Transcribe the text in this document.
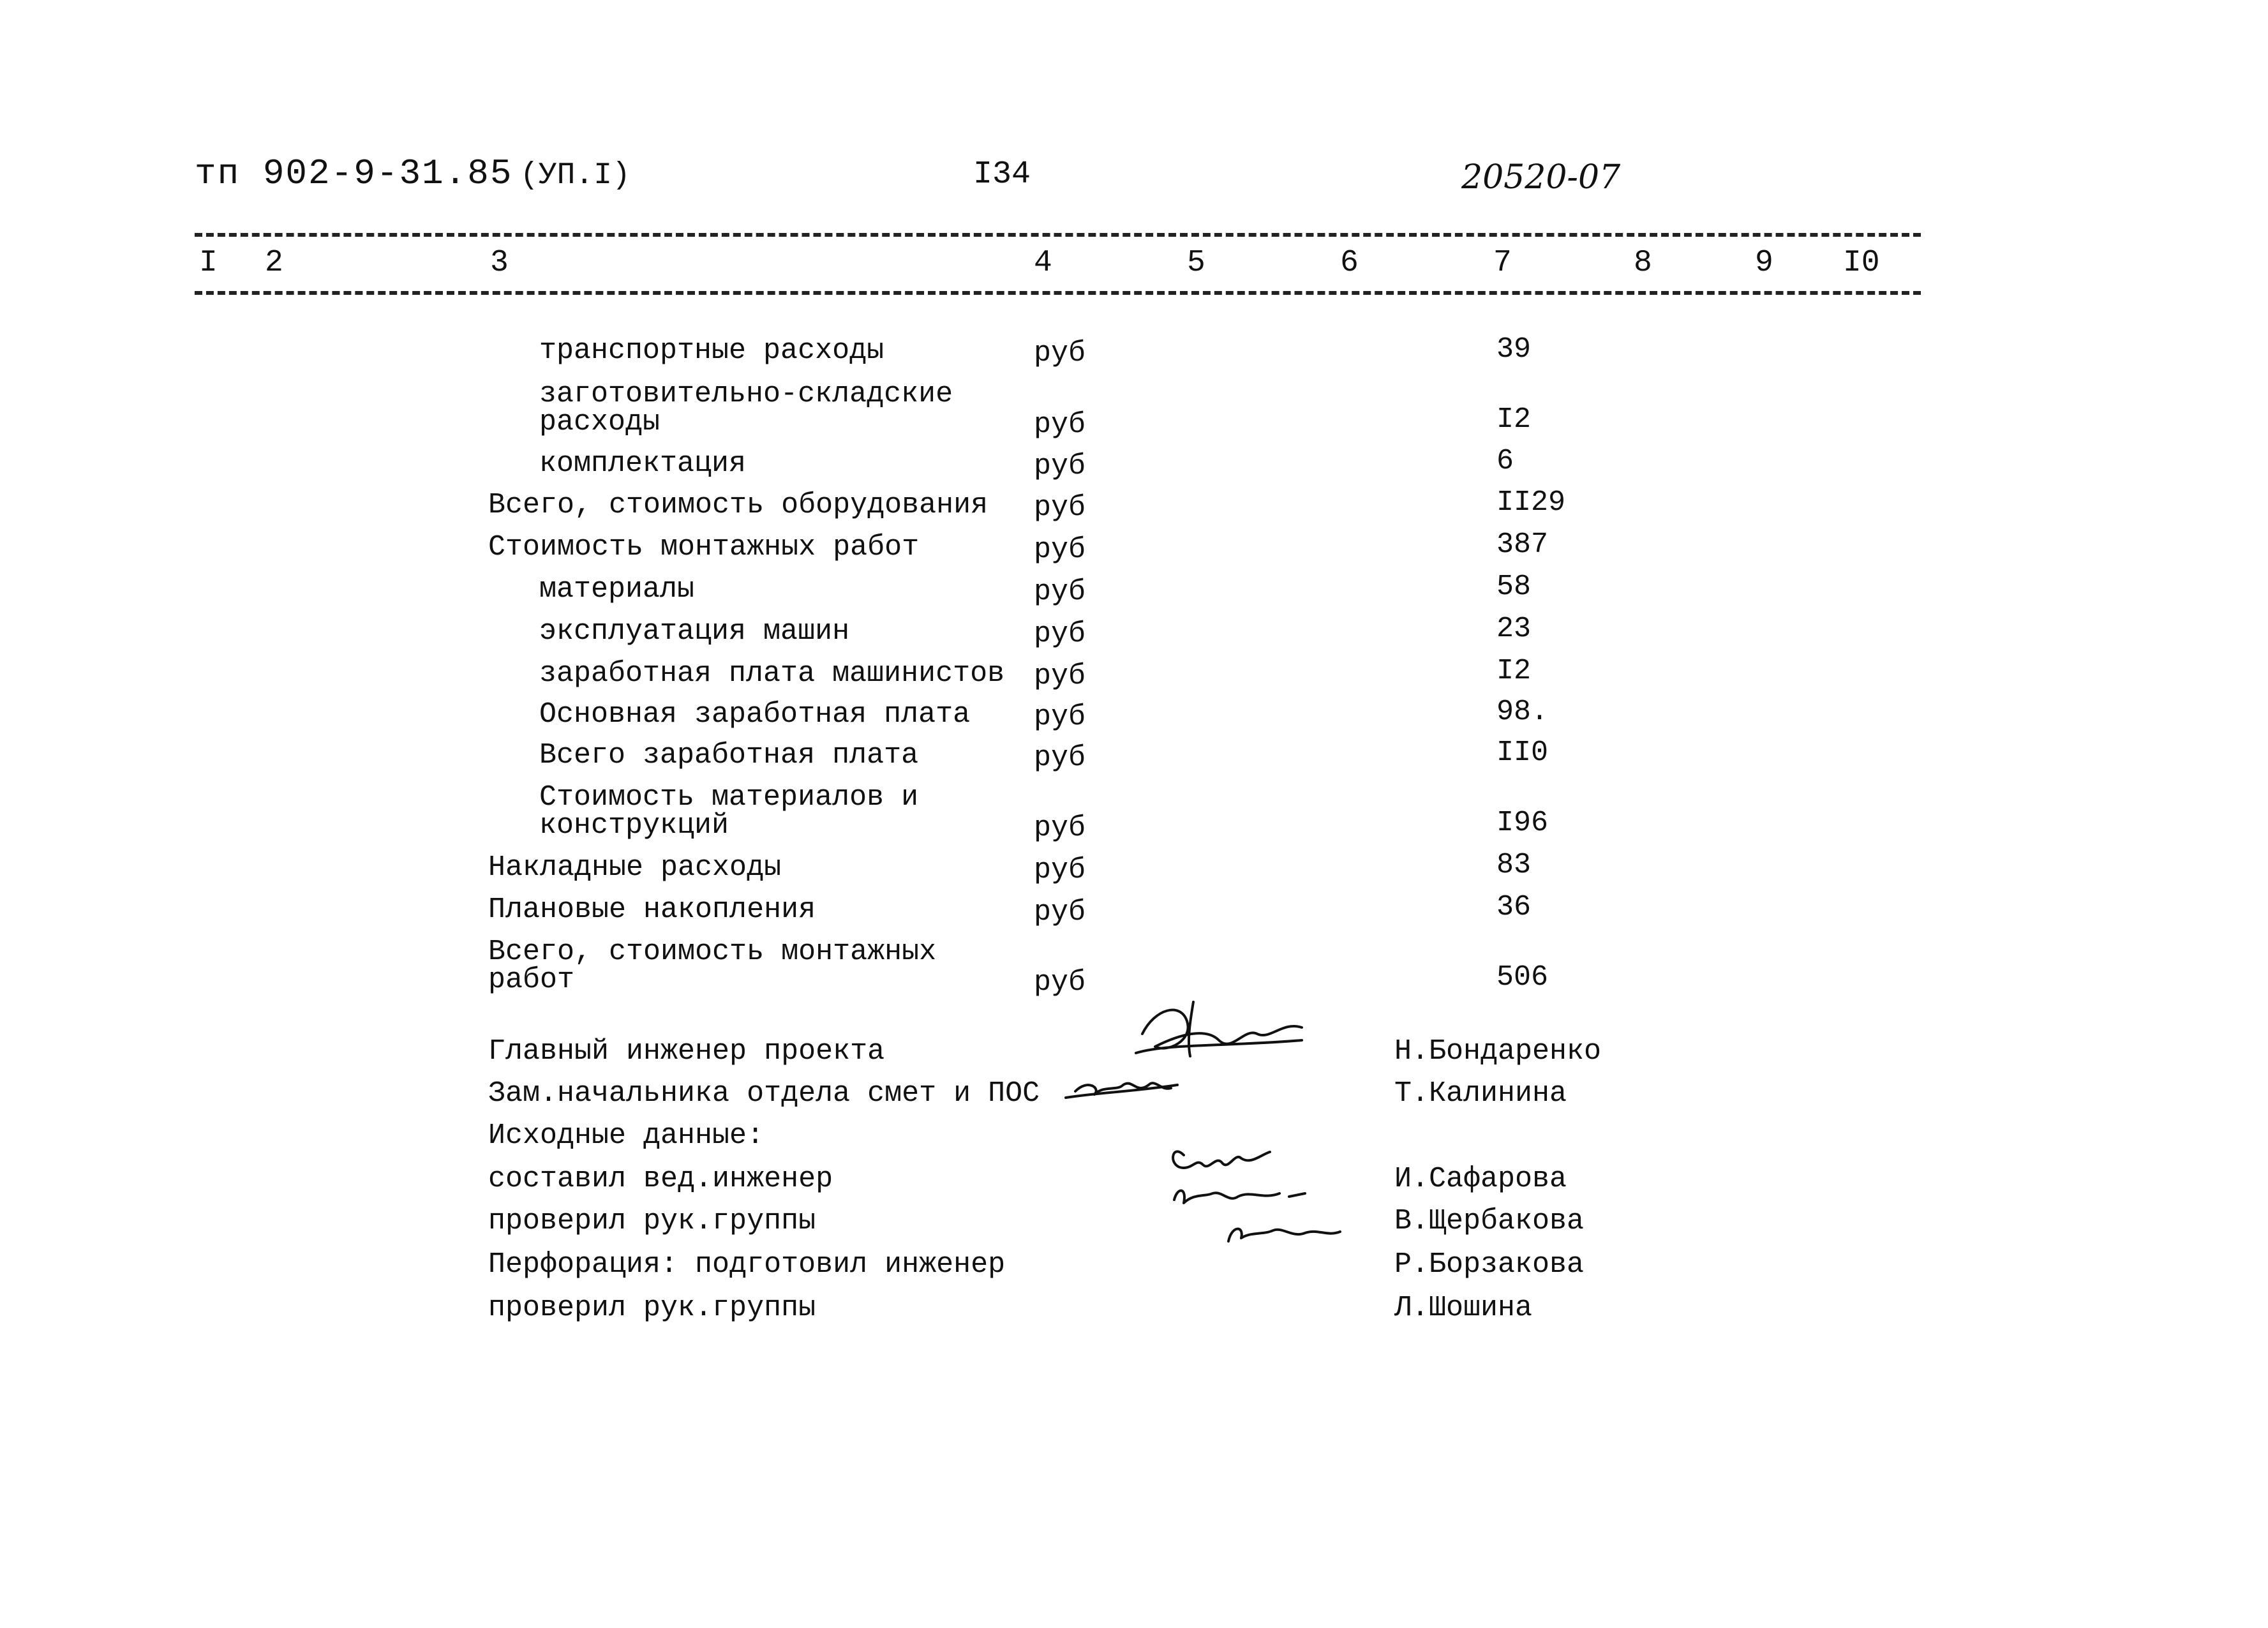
тп 902-9-31.85 (УП.I)	I34	20520-07
I 2	3	4	5	6	7	8	9 I0
транспортные расходы	руб	39
заготовительно-складские
расходы	руб	I2
комплектация	руб	6
Всего, стоимость оборудования руб	II29
Стоимость монтажных работ	руб	387
материалы	руб	58
эксплуатация машин	руб	23
заработная плата машинистов руб	I2
Основная заработная плата руб	98.
Всего заработная плата	руб	II0
Стоимость материалов и
конструкций	руб	I96
Накладные расходы	руб	83
Плановые накопления	руб	36
Всего, стоимость монтажных
работ	руб	506
Главный инженер проекта	Н.Бондаренко
Зам.начальника отдела смет и ПОС	Т.Калинина
Исходные данные:
составил вед.инженер	И.Сафарова
проверил рук.группы	В.Щербакова
Перфорация: подготовил инженер	Р.Борзакова
проверил рук.группы	Л.Шошина
